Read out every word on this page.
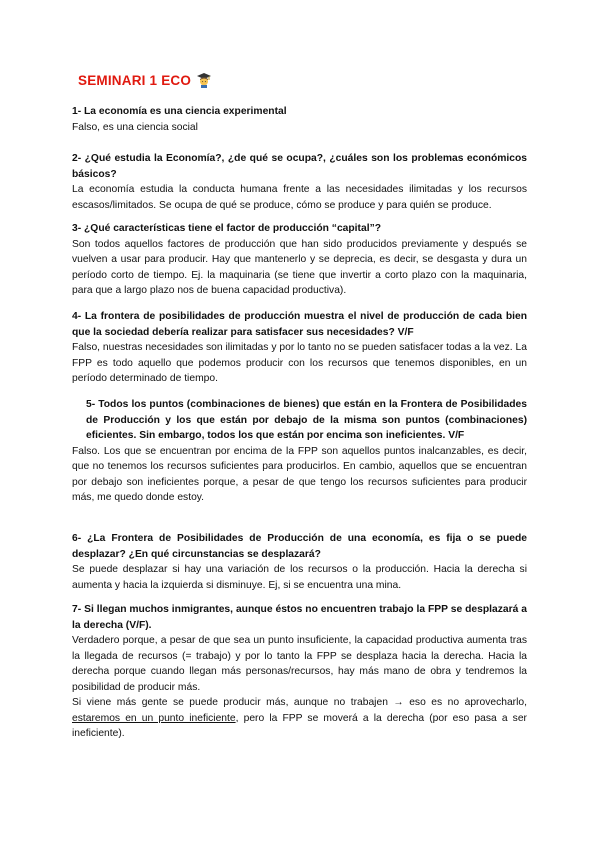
SEMINARI 1 ECO

1- La economía es una ciencia experimental

Falso, es una ciencia social

2- ¿Qué estudia la Economía?, ¿de qué se ocupa?, ¿cuáles son los problemas económicos básicos?

La economía estudia la conducta humana frente a las necesidades ilimitadas y los recursos escasos/limitados. Se ocupa de qué se produce, cómo se produce y para quién se produce.

3- ¿Qué características tiene el factor de producción “capital”?

Son todos aquellos factores de producción que han sido producidos previamente y después se vuelven a usar para producir. Hay que mantenerlo y se deprecia, es decir, se desgasta y dura un período corto de tiempo. Ej. la maquinaria (se tiene que invertir a corto plazo con la maquinaria, para que a largo plazo nos de buena capacidad productiva).

4- La frontera de posibilidades de producción muestra el nivel de producción de cada bien que la sociedad debería realizar para satisfacer sus necesidades? V/F

Falso, nuestras necesidades son ilimitadas y por lo tanto no se pueden satisfacer todas a la vez. La FPP es todo aquello que podemos producir con los recursos que tenemos disponibles, en un período determinado de tiempo.

5- Todos los puntos (combinaciones de bienes) que están en la Frontera de Posibilidades de Producción y los que están por debajo de la misma son puntos (combinaciones) eficientes. Sin embargo, todos los que están por encima son ineficientes. V/F

Falso. Los que se encuentran por encima de la FPP son aquellos puntos inalcanzables, es decir, que no tenemos los recursos suficientes para producirlos. En cambio, aquellos que se encuentran por debajo son ineficientes porque, a pesar de que tengo los recursos suficientes para producir más, me quedo donde estoy.

6- ¿La Frontera de Posibilidades de Producción de una economía, es fija o se puede desplazar? ¿En qué circunstancias se desplazará?

Se puede desplazar si hay una variación de los recursos o la producción. Hacia la derecha si aumenta y hacia la izquierda si disminuye. Ej, si se encuentra una mina.

7- Si llegan muchos inmigrantes, aunque éstos no encuentren trabajo la FPP se desplazará a la derecha (V/F).

Verdadero porque, a pesar de que sea un punto insuficiente, la capacidad productiva aumenta tras la llegada de recursos (= trabajo) y por lo tanto la FPP se desplaza hacia la derecha. Hacia la derecha porque cuando llegan más personas/recursos, hay más mano de obra y tendremos la posibilidad de producir más.

Si viene más gente se puede producir más, aunque no trabajen → eso es no aprovecharlo, estaremos en un punto ineficiente, pero la FPP se moverá a la derecha (por eso pasa a ser ineficiente).
